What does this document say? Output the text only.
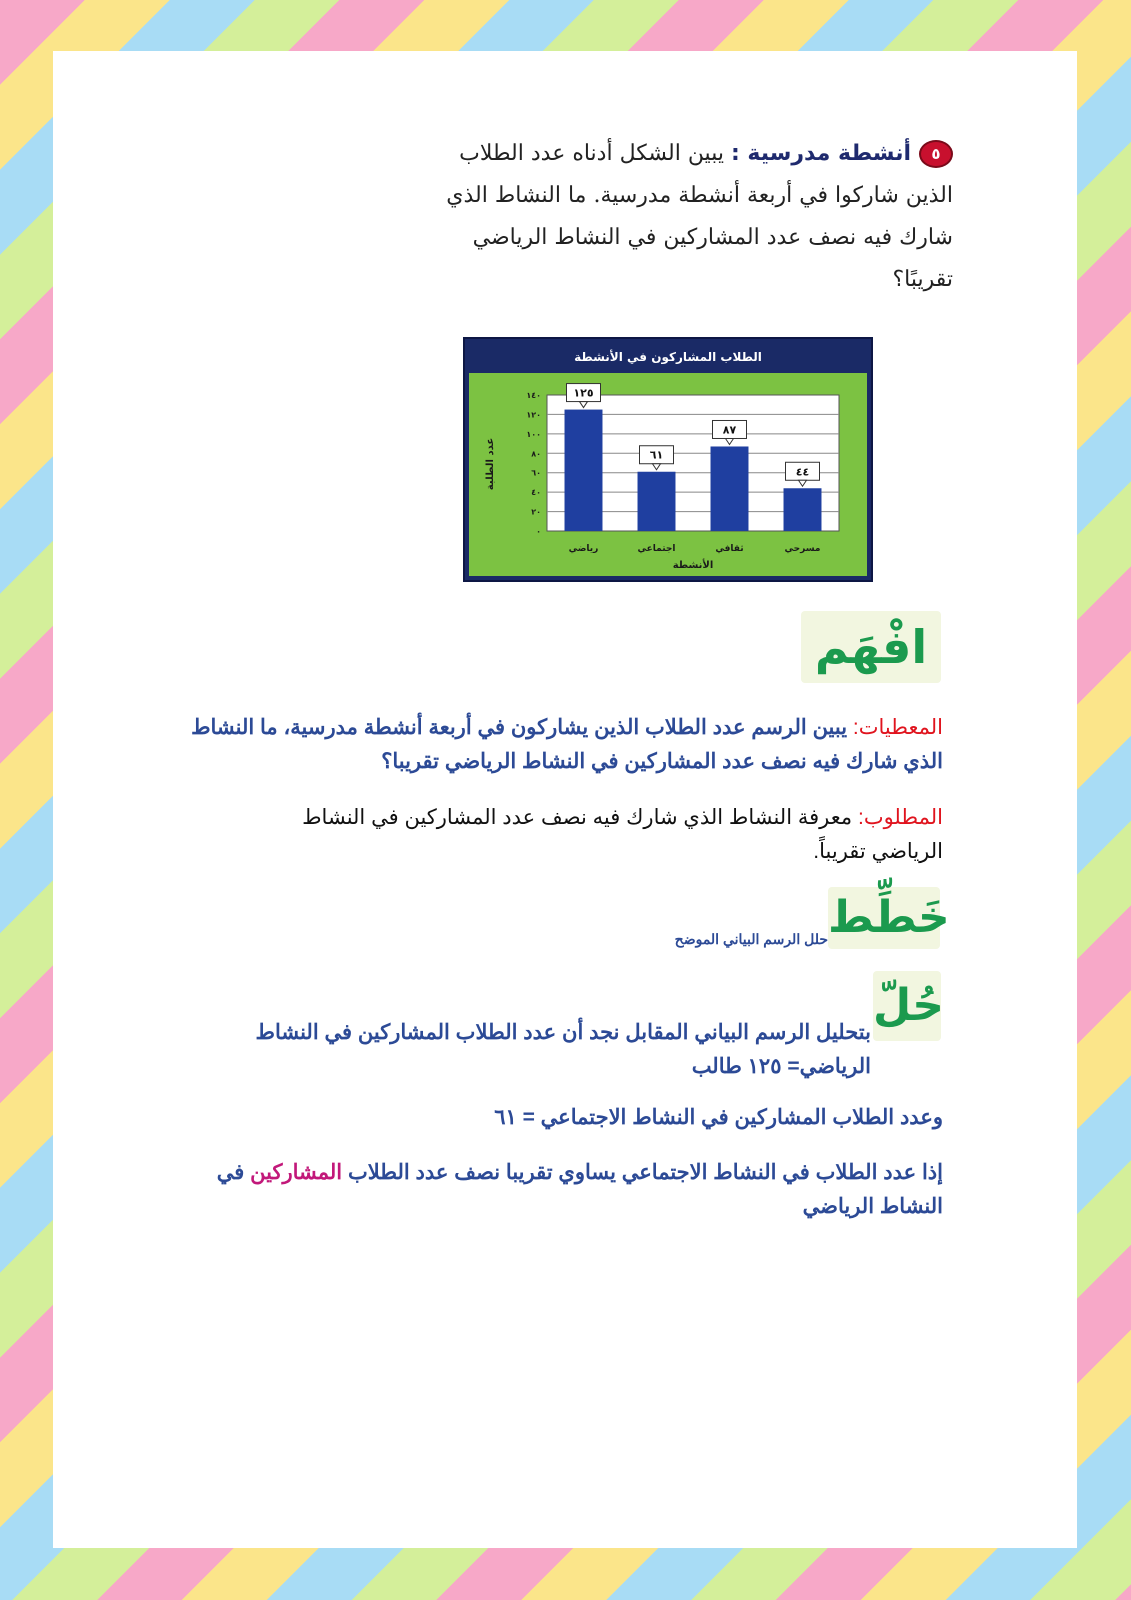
٥أنشطة مدرسية : يبين الشكل أدناه عدد الطلاب الذين شاركوا في أربعة أنشطة مدرسية. ما النشاط الذي شارك فيه نصف عدد المشاركين في النشاط الرياضي تقريبًا؟
الطلاب المشاركون في الأنشطة
١٢٥
رياضي
٦١
اجتماعي
٨٧
ثقافي
٤٤
مسرحي
٠
٢٠
٤٠
٦٠
٨٠
١٠٠
١٢٠
١٤٠
عدد الطلبة
الأنشطة
افْهَم
المعطيات: يبين الرسم عدد الطلاب الذين يشاركون في أربعة أنشطة مدرسية، ما النشاط الذي شارك فيه نصف عدد المشاركين في النشاط الرياضي تقريبا؟
المطلوب: معرفة النشاط الذي شارك فيه نصف عدد المشاركين في النشاط الرياضي تقريباً.
خَطِّط
حلل الرسم البياني الموضح
حُلّ
بتحليل الرسم البياني المقابل نجد أن عدد الطلاب المشاركين في النشاط الرياضي= ١٢٥ طالب
وعدد الطلاب المشاركين في النشاط الاجتماعي = ٦١
إذا عدد الطلاب في النشاط الاجتماعي يساوي تقريبا نصف عدد الطلاب المشاركين في النشاط الرياضي
